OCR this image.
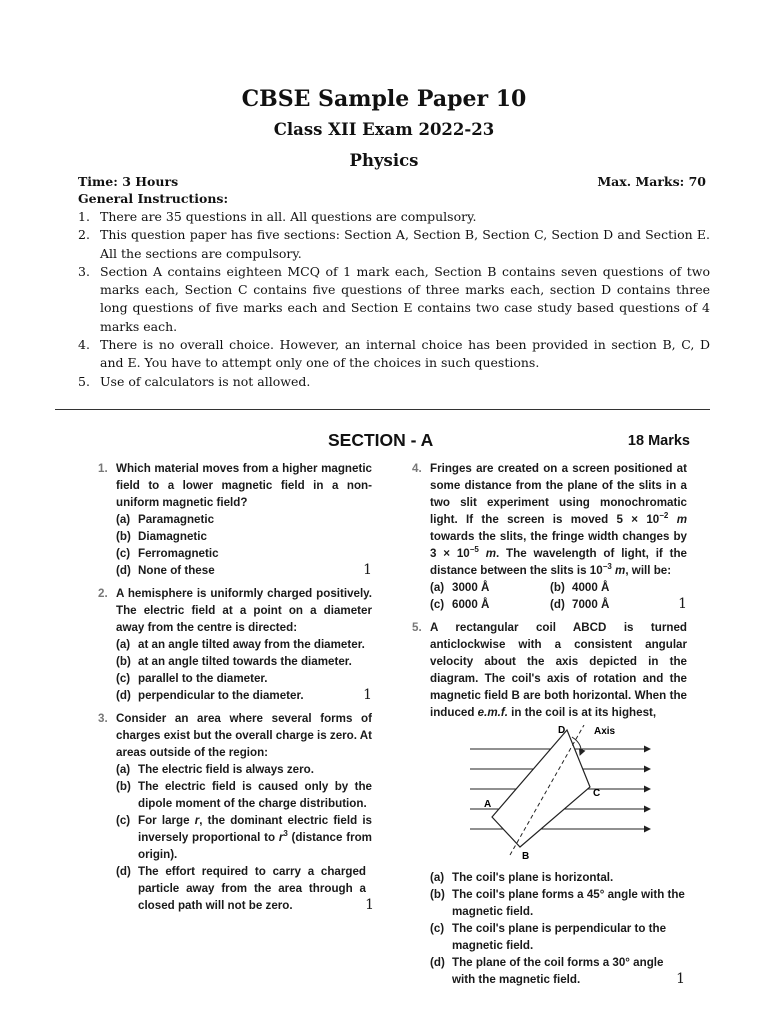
CBSE Sample Paper 10
Class XII Exam 2022-23
Physics
Time: 3 Hours	Max. Marks: 70
General Instructions:
1. There are 35 questions in all. All questions are compulsory.
2. This question paper has five sections: Section A, Section B, Section C, Section D and Section E. All the sections are compulsory.
3. Section A contains eighteen MCQ of 1 mark each, Section B contains seven questions of two marks each, Section C contains five questions of three marks each, section D contains three long questions of five marks each and Section E contains two case study based questions of 4 marks each.
4. There is no overall choice. However, an internal choice has been provided in section B, C, D and E. You have to attempt only one of the choices in such questions.
5. Use of calculators is not allowed.
SECTION - A	18 Marks
1. Which material moves from a higher magnetic field to a lower magnetic field in a non-uniform magnetic field?
(a) Paramagnetic
(b) Diamagnetic
(c) Ferromagnetic
(d) None of these	1
2. A hemisphere is uniformly charged positively. The electric field at a point on a diameter away from the centre is directed:
(a) at an angle tilted away from the diameter.
(b) at an angle tilted towards the diameter.
(c) parallel to the diameter.
(d) perpendicular to the diameter.	1
3. Consider an area where several forms of charges exist but the overall charge is zero. At areas outside of the region:
(a) The electric field is always zero.
(b) The electric field is caused only by the dipole moment of the charge distribution.
(c) For large r, the dominant electric field is inversely proportional to $r^3$ (distance from origin).
(d) The effort required to carry a charged particle away from the area through a closed path will not be zero.	1
4. Fringes are created on a screen positioned at some distance from the plane of the slits in a two slit experiment using monochromatic light. If the screen is moved $5 \times 10^{-2}$ m towards the slits, the fringe width changes by $3 \times 10^{-5}$ m. The wavelength of light, if the distance between the slits is $10^{-3}$ m, will be:
(a) 3000 Å	(b) 4000 Å
(c) 6000 Å	(d) 7000 Å	1
5. A rectangular coil ABCD is turned anticlockwise with a consistent angular velocity about the axis depicted in the diagram. The coil's axis of rotation and the magnetic field B are both horizontal. When the induced e.m.f. in the coil is at its highest,
A
B
C
D	Axis
(a) The coil's plane is horizontal.
(b) The coil's plane forms a 45° angle with the magnetic field.
(c) The coil's plane is perpendicular to the magnetic field.
(d) The plane of the coil forms a 30° angle with the magnetic field.	1
